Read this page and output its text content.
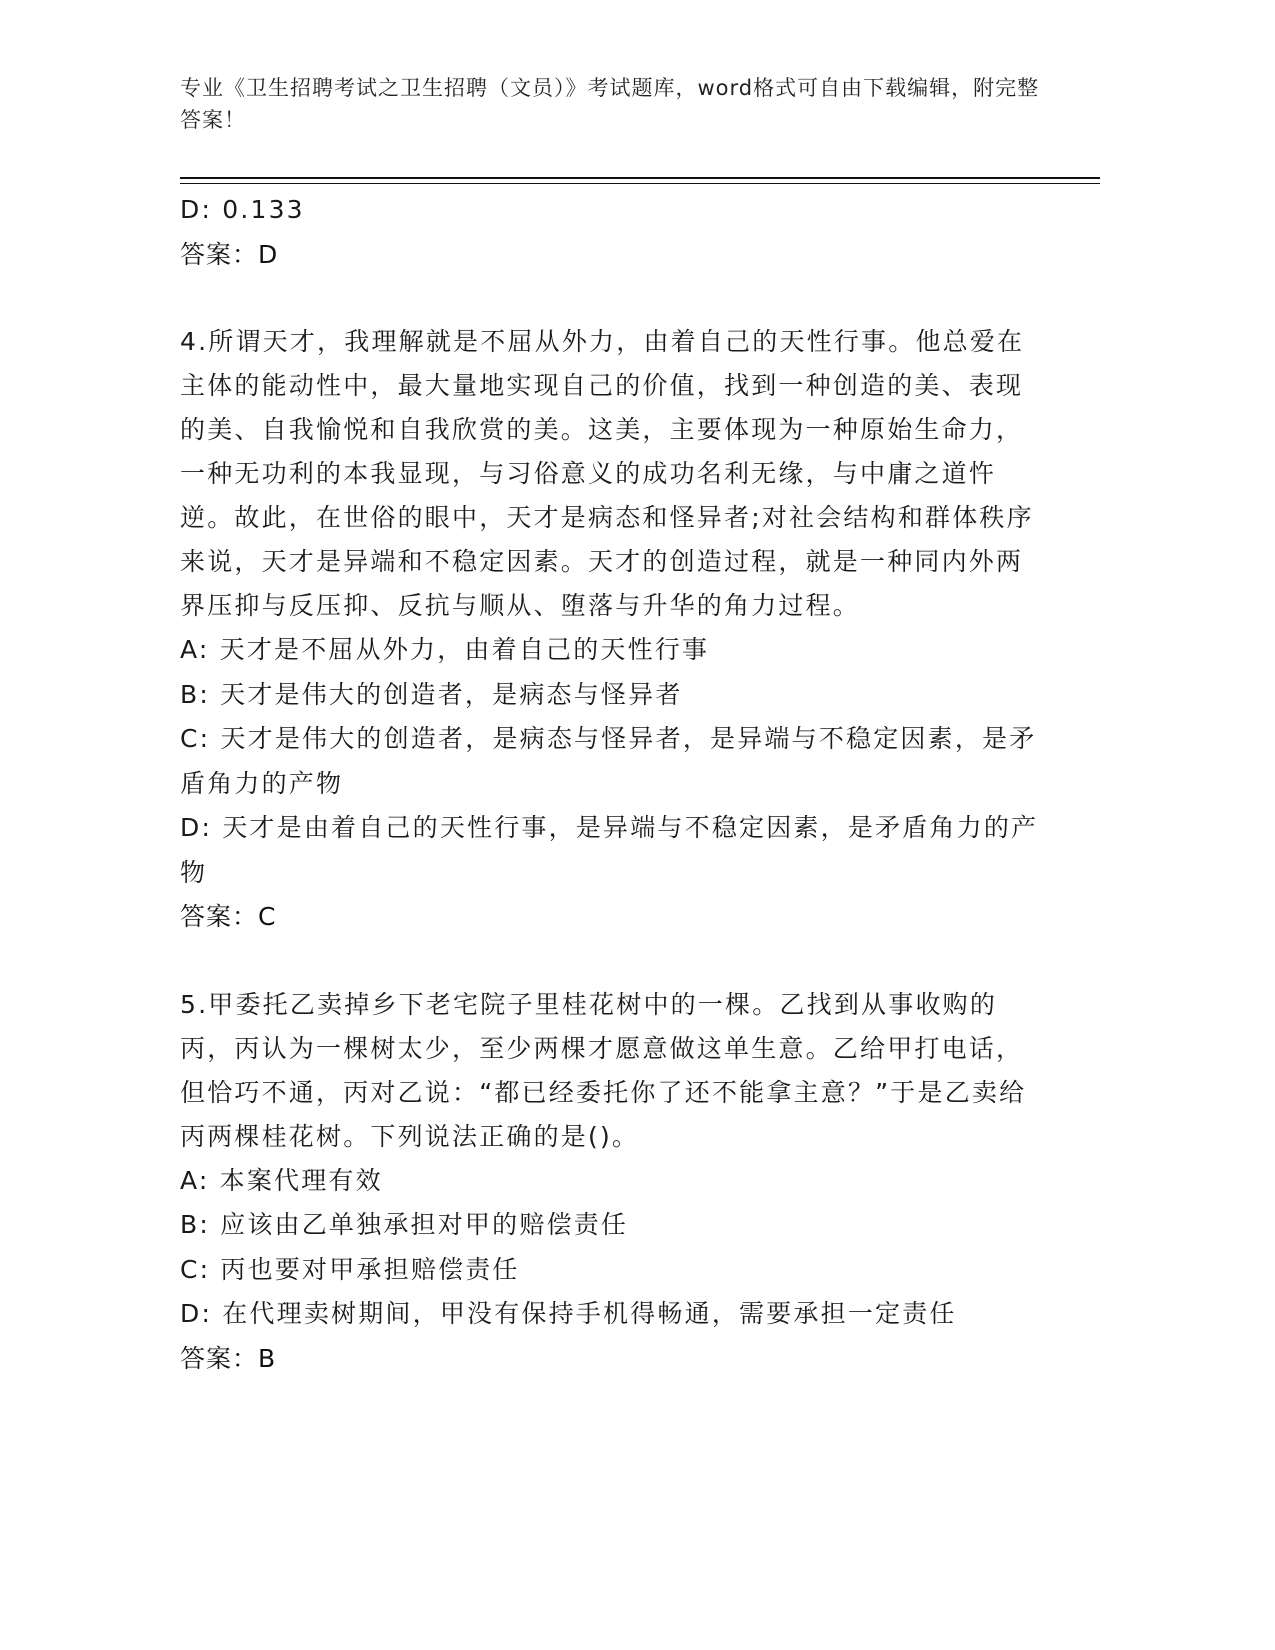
专业《卫生招聘考试之卫生招聘（文员）》考试题库，word格式可自由下载编辑，附完整答案！
D: 0.133
答案：D
4.所谓天才，我理解就是不屈从外力，由着自己的天性行事。他总爱在主体的能动性中，最大量地实现自己的价值，找到一种创造的美、表现的美、自我愉悦和自我欣赏的美。这美，主要体现为一种原始生命力，一种无功利的本我显现，与习俗意义的成功名利无缘，与中庸之道忤逆。故此，在世俗的眼中，天才是病态和怪异者;对社会结构和群体秩序来说，天才是异端和不稳定因素。天才的创造过程，就是一种同内外两界压抑与反压抑、反抗与顺从、堕落与升华的角力过程。
A: 天才是不屈从外力，由着自己的天性行事
B: 天才是伟大的创造者，是病态与怪异者
C: 天才是伟大的创造者，是病态与怪异者，是异端与不稳定因素，是矛盾角力的产物
D: 天才是由着自己的天性行事，是异端与不稳定因素，是矛盾角力的产物
答案：C
5.甲委托乙卖掉乡下老宅院子里桂花树中的一棵。乙找到从事收购的丙，丙认为一棵树太少，至少两棵才愿意做这单生意。乙给甲打电话，但恰巧不通，丙对乙说：“都已经委托你了还不能拿主意？”于是乙卖给丙两棵桂花树。下列说法正确的是()。
A: 本案代理有效
B: 应该由乙单独承担对甲的赔偿责任
C: 丙也要对甲承担赔偿责任
D: 在代理卖树期间，甲没有保持手机得畅通，需要承担一定责任
答案：B
